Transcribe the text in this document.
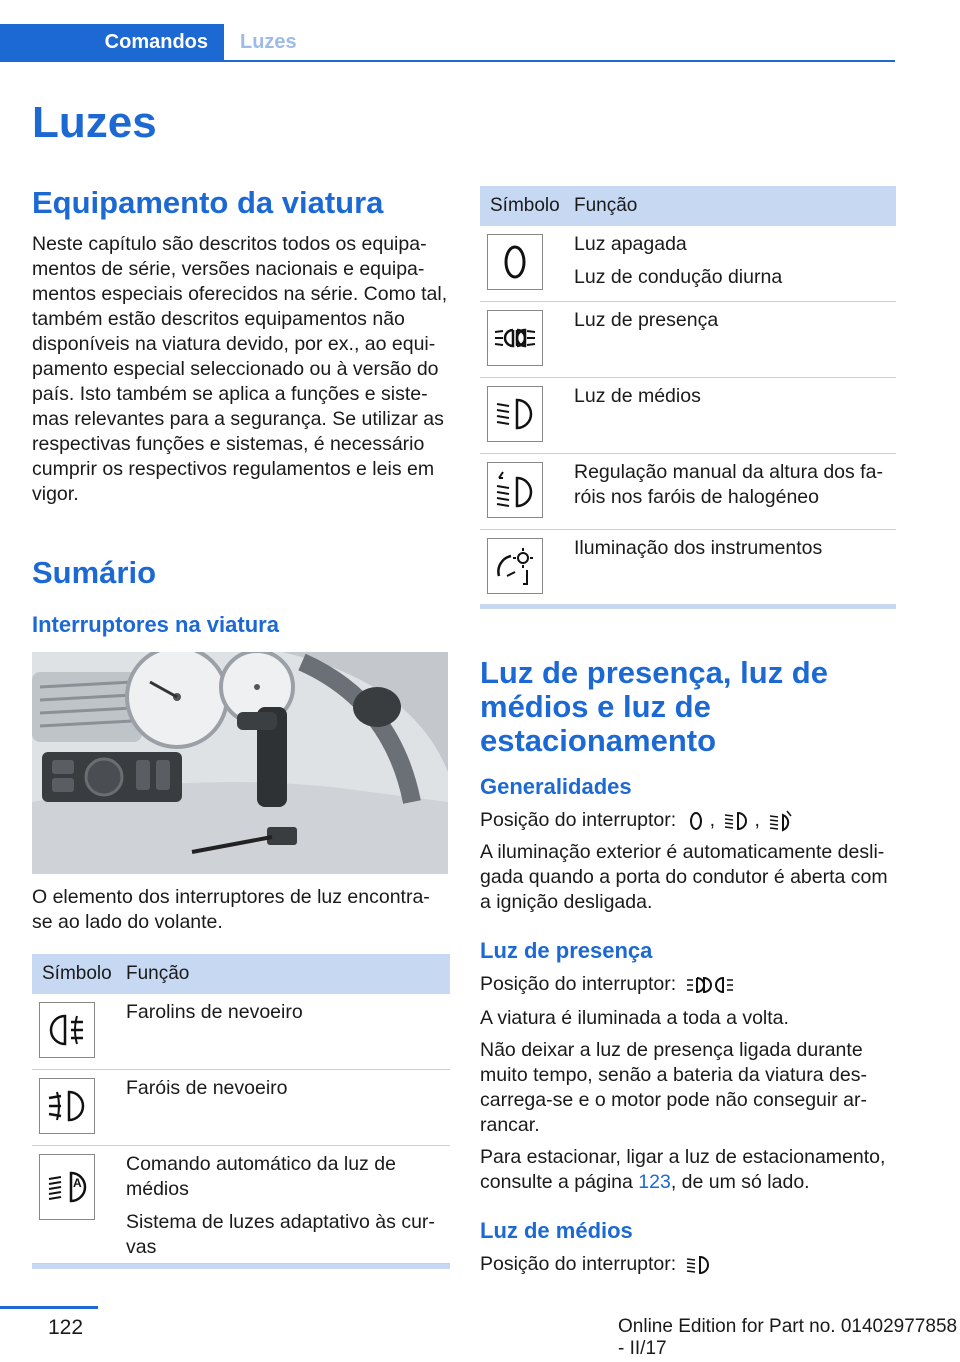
Comandos	Luzes
Luzes
Equipamento da viatura
Neste capítulo são descritos todos os equipamentos de série, versões nacionais e equipamentos especiais oferecidos na série. Como tal, também estão descritos equipamentos não disponíveis na viatura devido, por ex., ao equipamento especial seleccionado ou à versão do país. Isto também se aplica a funções e sistemas relevantes para a segurança. Se utilizar as respectivas funções e sistemas, é necessário cumprir os respectivos regulamentos e leis em vigor.
Sumário
Interruptores na viatura
O elemento dos interruptores de luz encontra-se ao lado do volante.
Símbolo Função

Farolins de nevoeiro

Faróis de nevoeiro

A

Comando automático da luz de médios

Sistema de luzes adaptativo às curvas

Símbolo Função

Luz apagada

Luz de condução diurna

Luz de presença

Luz de médios

Regulação manual da altura dos faróis nos faróis de halogéneo

Iluminação dos instrumentos

Luz de presença, luz de médios e luz de estacionamento
Generalidades
Posição do interruptor: , ,
A iluminação exterior é automaticamente desligada quando a porta do condutor é aberta com a ignição desligada.
Luz de presença
Posição do interruptor:
A viatura é iluminada a toda a volta.
Não deixar a luz de presença ligada durante muito tempo, senão a bateria da viatura descarrega-se e o motor pode não conseguir arrancar.
Para estacionar, ligar a luz de estacionamento, consulte a página 123, de um só lado.
Luz de médios
Posição do interruptor:
122	Online Edition for Part no. 01402977858 - II/17
